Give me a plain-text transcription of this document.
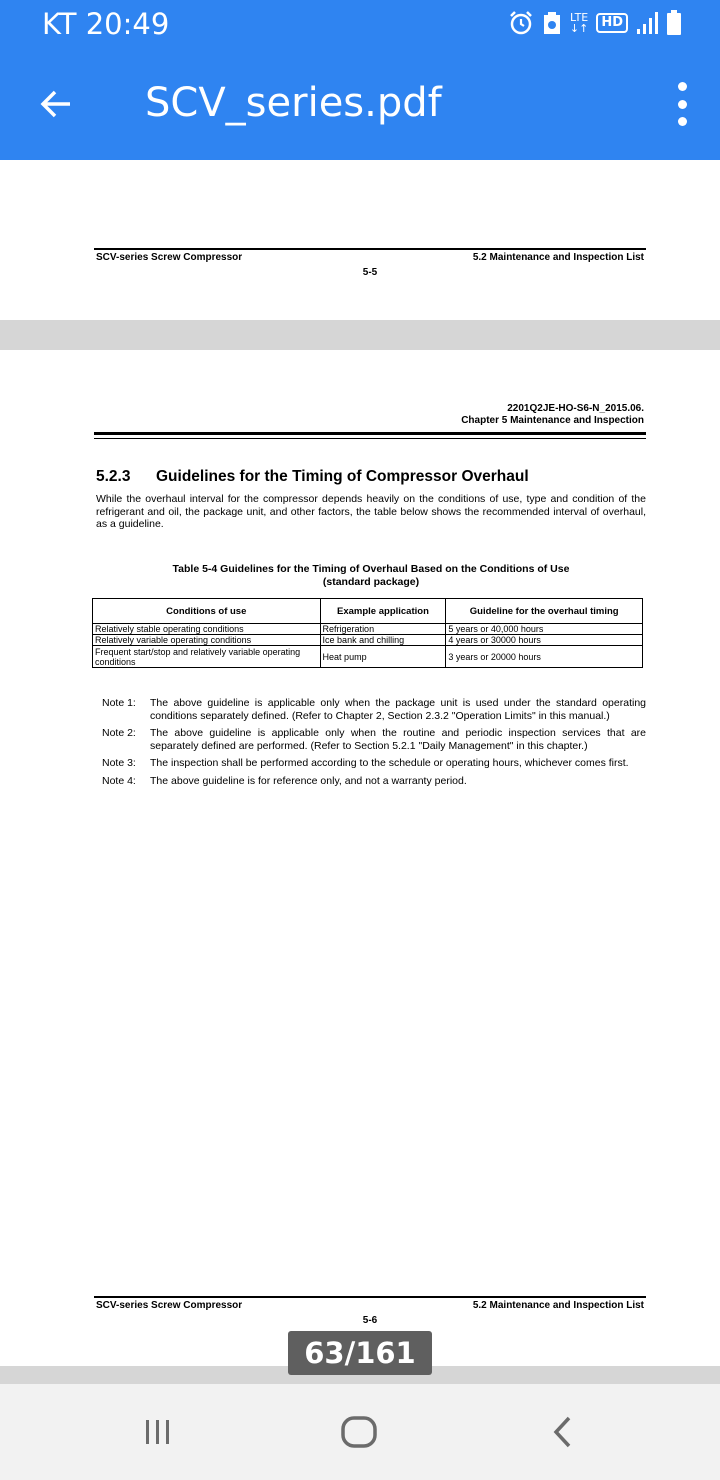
KT 20:49	LTE
↓↑	HD
SCV_series.pdf
SCV-series Screw Compressor	5.2 Maintenance and Inspection List
5-5
2201Q2JE-HO-S6-N_2015.06.
Chapter 5 Maintenance and Inspection
5.2.3 Guidelines for the Timing of Compressor Overhaul
While the overhaul interval for the compressor depends heavily on the conditions of use, type and condition of the refrigerant and oil, the package unit, and other factors, the table below shows the recommended interval of overhaul, as a guideline.
Table 5-4 Guidelines for the Timing of Overhaul Based on the Conditions of Use
(standard package)
Conditions of use	Example application	Guideline for the overhaul timing
Relatively stable operating conditions	Refrigeration	5 years or 40,000 hours
Relatively variable operating conditions	Ice bank and chilling	4 years or 30000 hours
Frequent start/stop and relatively variable operating conditions	Heat pump	3 years or 20000 hours
Note 1:	The above guideline is applicable only when the package unit is used under the standard operating conditions separately defined. (Refer to Chapter 2, Section 2.3.2 "Operation Limits" in this manual.)
Note 2:	The above guideline is applicable only when the routine and periodic inspection services that are separately defined are performed. (Refer to Section 5.2.1 "Daily Management" in this chapter.)
Note 3:	The inspection shall be performed according to the schedule or operating hours, whichever comes first.
Note 4:	The above guideline is for reference only, and not a warranty period.
SCV-series Screw Compressor	5.2 Maintenance and Inspection List
5-6
63/161
